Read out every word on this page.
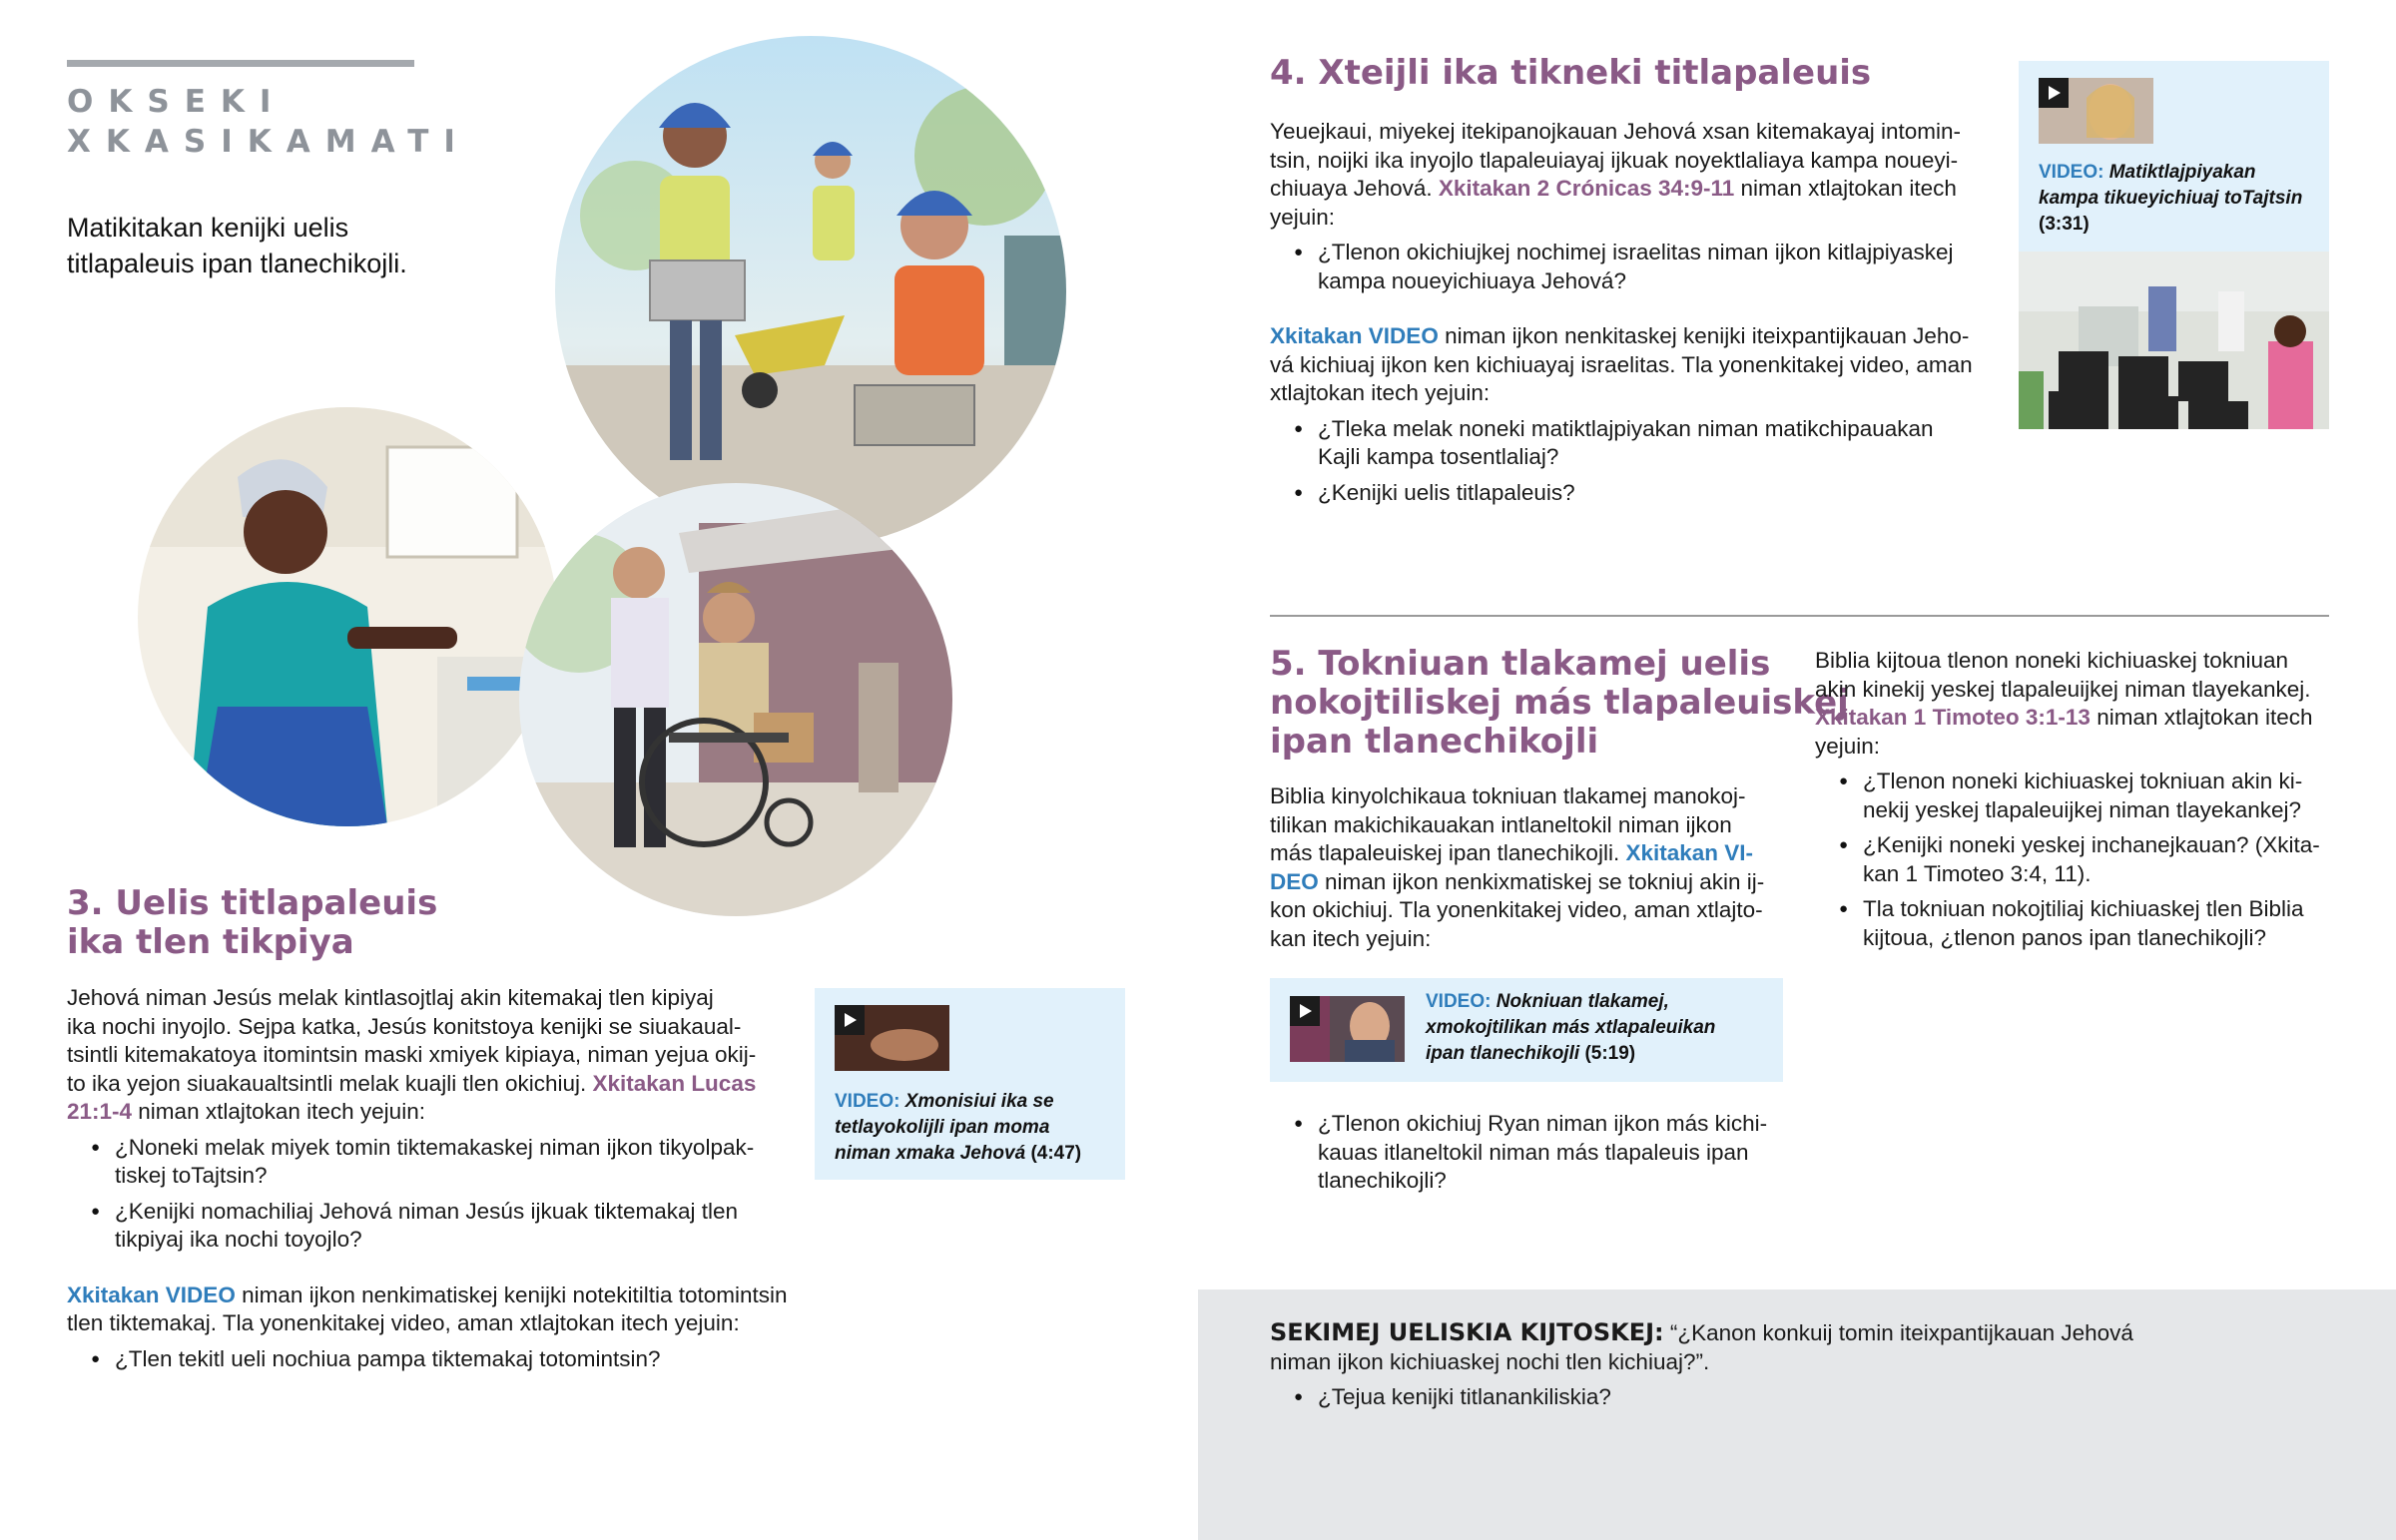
OKSEKI
XKASIKAMATI
Matikitakan kenijki uelis
titlapaleuis ipan tlanechikojli.
3. Uelis titlapaleuis
ika tlen tikpiya

Jehová niman Jesús melak kintlasojtlaj akin kitemakaj tlen kipiyaj
ika nochi inyojlo. Sejpa katka, Jesús konitstoya kenijki se siuakaual-
tsintli kitemakatoya itomintsin maski xmiyek kipiaya, niman yejua okij-
to ika yejon siuakaualtsintli melak kuajli tlen okichiuj. Xkitakan Lucas
21:1-4 niman xtlajtokan itech yejuin:

● ¿Noneki melak miyek tomin tiktemakaskej niman ijkon tikyolpak-
tiskej toTajtsin?
● ¿Kenijki nomachiliaj Jehová niman Jesús ijkuak tiktemakaj tlen
tikpiyaj ika nochi toyojlo?

Xkitakan VIDEO niman ijkon nenkimatiskej kenijki notekitiltia totomintsin
tlen tiktemakaj. Tla yonenkitakej video, aman xtlajtokan itech yejuin:

● ¿Tlen tekitl ueli nochiua pampa tiktemakaj totomintsin?
VIDEO: Xmonisiui ika se
tetlayokolijli ipan moma
niman xmaka Jehová (4:47)
4. Xteijli ika tikneki titlapaleuis

Yeuejkaui, miyekej itekipanojkauan Jehová xsan kitemakayaj intomin-
tsin, noijki ika inyojlo tlapaleuiayaj ijkuak noyektlaliaya kampa noueyi-
chiuaya Jehová. Xkitakan 2 Crónicas 34:9-11 niman xtlajtokan itech
yejuin:

● ¿Tlenon okichiujkej nochimej israelitas niman ijkon kitlajpiyaskej
kampa noueyichiuaya Jehová?

Xkitakan VIDEO niman ijkon nenkitaskej kenijki iteixpantijkauan Jeho-
vá kichiuaj ijkon ken kichiuayaj israelitas. Tla yonenkitakej video, aman
xtlajtokan itech yejuin:

● ¿Tleka melak noneki matiktlajpiyakan niman matikchipauakan
Kajli kampa tosentlaliaj?
● ¿Kenijki uelis titlapaleuis?
VIDEO: Matiktlajpiyakan
kampa tikueyichiuaj toTajtsin
(3:31)
5. Tokniuan tlakamej uelis
nokojtiliskej más tlapaleuiskej
ipan tlanechikojli

Biblia kinyolchikaua tokniuan tlakamej manokoj-
tilikan makichikauakan intlaneltokil niman ijkon
más tlapaleuiskej ipan tlanechikojli. Xkitakan VI-
DEO niman ijkon nenkixmatiskej se tokniuj akin ij-
kon okichiuj. Tla yonenkitakej video, aman xtlajto-
kan itech yejuin:

VIDEO: Nokniuan tlakamej,
xmokojtilikan más xtlapaleuikan
ipan tlanechikojli (5:19)
● ¿Tlenon okichiuj Ryan niman ijkon más kichi-
kauas itlaneltokil niman más tlapaleuis ipan
tlanechikojli?

Biblia kijtoua tlenon noneki kichiuaskej tokniuan
akin kinekij yeskej tlapaleuijkej niman tlayekankej.
Xkitakan 1 Timoteo 3:1-13 niman xtlajtokan itech
yejuin:

● ¿Tlenon noneki kichiuaskej tokniuan akin ki-
nekij yeskej tlapaleuijkej niman tlayekankej?
● ¿Kenijki noneki yeskej inchanejkauan? (Xkita-
kan 1 Timoteo 3:4, 11).
● Tla tokniuan nokojtiliaj kichiuaskej tlen Biblia
kijtoua, ¿tlenon panos ipan tlanechikojli?

SEKIMEJ UELISKIA KIJTOSKEJ: “¿Kanon konkuij tomin iteixpantijkauan Jehová
niman ijkon kichiuaskej nochi tlen kichiuaj?”.

● ¿Tejua kenijki titlanankiliskia?
